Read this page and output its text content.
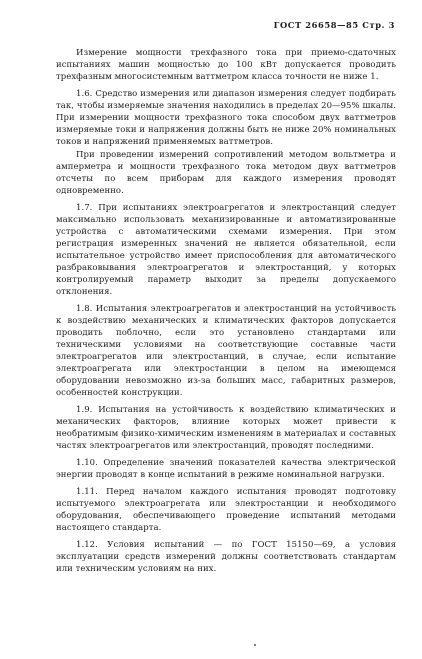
ГОСТ 26658—85 Стр. 3

Измерение мощности трехфазного тока при приемо-сдаточных испытаниях машин мощностью до 100 кВт допускается проводить трехфазным многосистемным ваттметром класса точности не ниже 1.

1.6. Средство измерения или диапазон измерения следует подбирать так, чтобы измеряемые значения находились в пределах 20—95% шкалы. При измерении мощности трехфазного тока способом двух ваттметров измеряемые токи и напряжения должны быть не ниже 20% номинальных токов и напряжений применяемых ваттметров.

При проведении измерений сопротивлений методом вольтметра и амперметра и мощности трехфазного тока методом двух ваттметров отсчеты по всем приборам для каждого измерения проводят одновременно.

1.7. При испытаниях электроагрегатов и электростанций следует максимально использовать механизированные и автоматизированные устройства с автоматическими схемами измерения. При этом регистрация измеренных значений не является обязательной, если испытательное устройство имеет приспособления для автоматического разбраковывания электроагрегатов и электростанций, у которых контролируемый параметр выходит за пределы допускаемого отклонения.

1.8. Испытания электроагрегатов и электростанций на устойчивость к воздействию механических и климатических факторов допускается проводить поблочно, если это установлено стандартами или техническими условиями на соответствующие составные части электроагрегатов или электростанций, в случае, если испытание электроагрегата или электростанции в целом на имеющемся оборудовании невозможно из-за больших масс, габаритных размеров, особенностей конструкции.

1.9. Испытания на устойчивость к воздействию климатических и механических факторов, влияние которых может привести к необратимым физико-химическим изменениям в материалах и составных частях электроагрегатов или электростанций, проводят последними.

1.10. Определение значений показателей качества электрической энергии проводят в конце испытаний в режиме номинальной нагрузки.

1.11. Перед началом каждого испытания проводят подготовку испытуемого электроагрегата или электростанции и необходимого оборудования, обеспечивающего проведение испытаний методами настоящего стандарта.

1.12. Условия испытаний — по ГОСТ 15150—69, а условия эксплуатации средств измерений должны соответствовать стандартам или техническим условиям на них.
